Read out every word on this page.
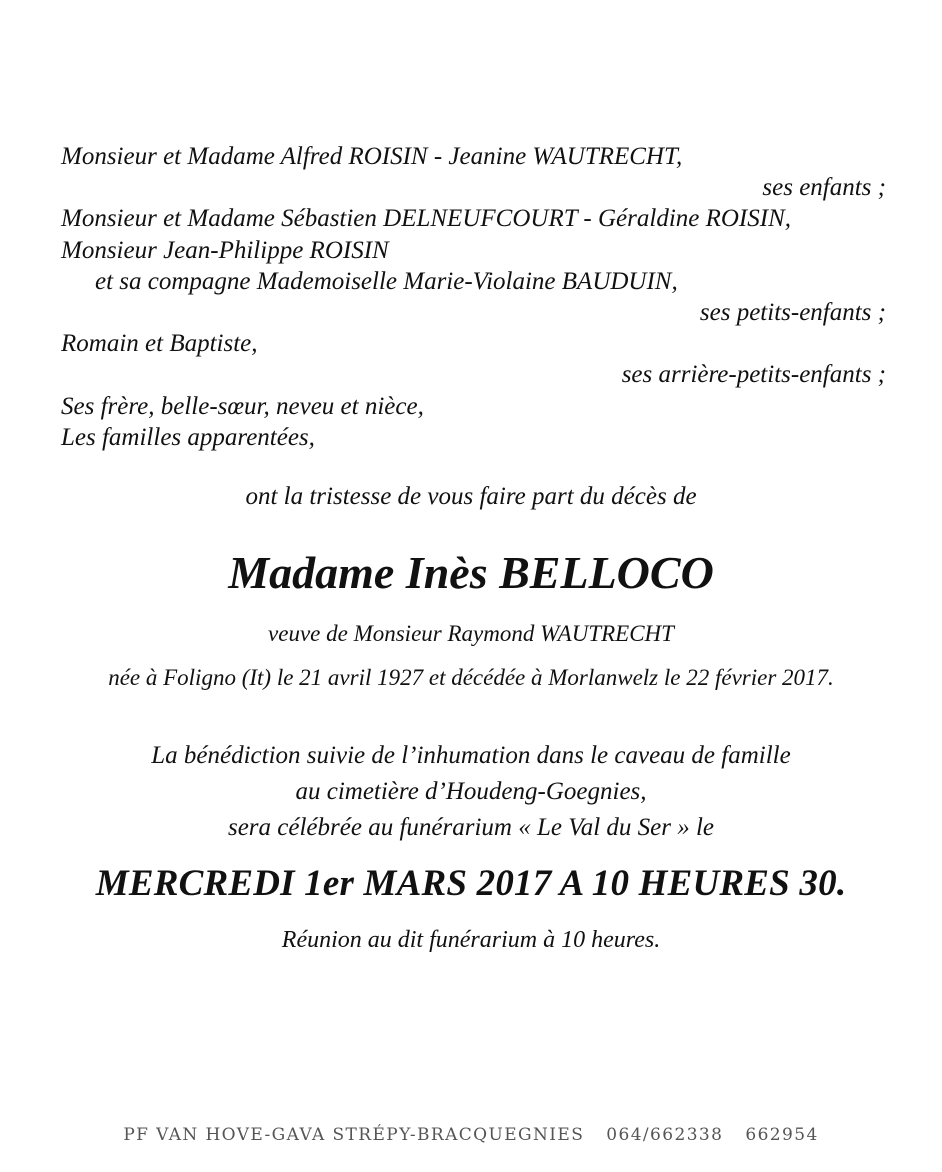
Monsieur et Madame Alfred ROISIN - Jeanine WAUTRECHT,
ses enfants ;
Monsieur et Madame Sébastien DELNEUFCOURT - Géraldine ROISIN,
Monsieur Jean-Philippe ROISIN
et sa compagne Mademoiselle Marie-Violaine BAUDUIN,
ses petits-enfants ;
Romain et Baptiste,
ses arrière-petits-enfants ;
Ses frère, belle-sœur, neveu et nièce,
Les familles apparentées,
ont la tristesse de vous faire part du décès de
Madame Inès BELLOCO
veuve de Monsieur Raymond WAUTRECHT
née à Foligno (It) le 21 avril 1927 et décédée à Morlanwelz le 22 février 2017.
La bénédiction suivie de l’inhumation dans le caveau de famille
au cimetière d’Houdeng-Goegnies,
sera célébrée au funérarium « Le Val du Ser » le
MERCREDI 1er MARS 2017 A 10 HEURES 30.
Réunion au dit funérarium à 10 heures.
PF VAN HOVE-GAVA STRÉPY-BRACQUEGNIES 064/662338 662954
